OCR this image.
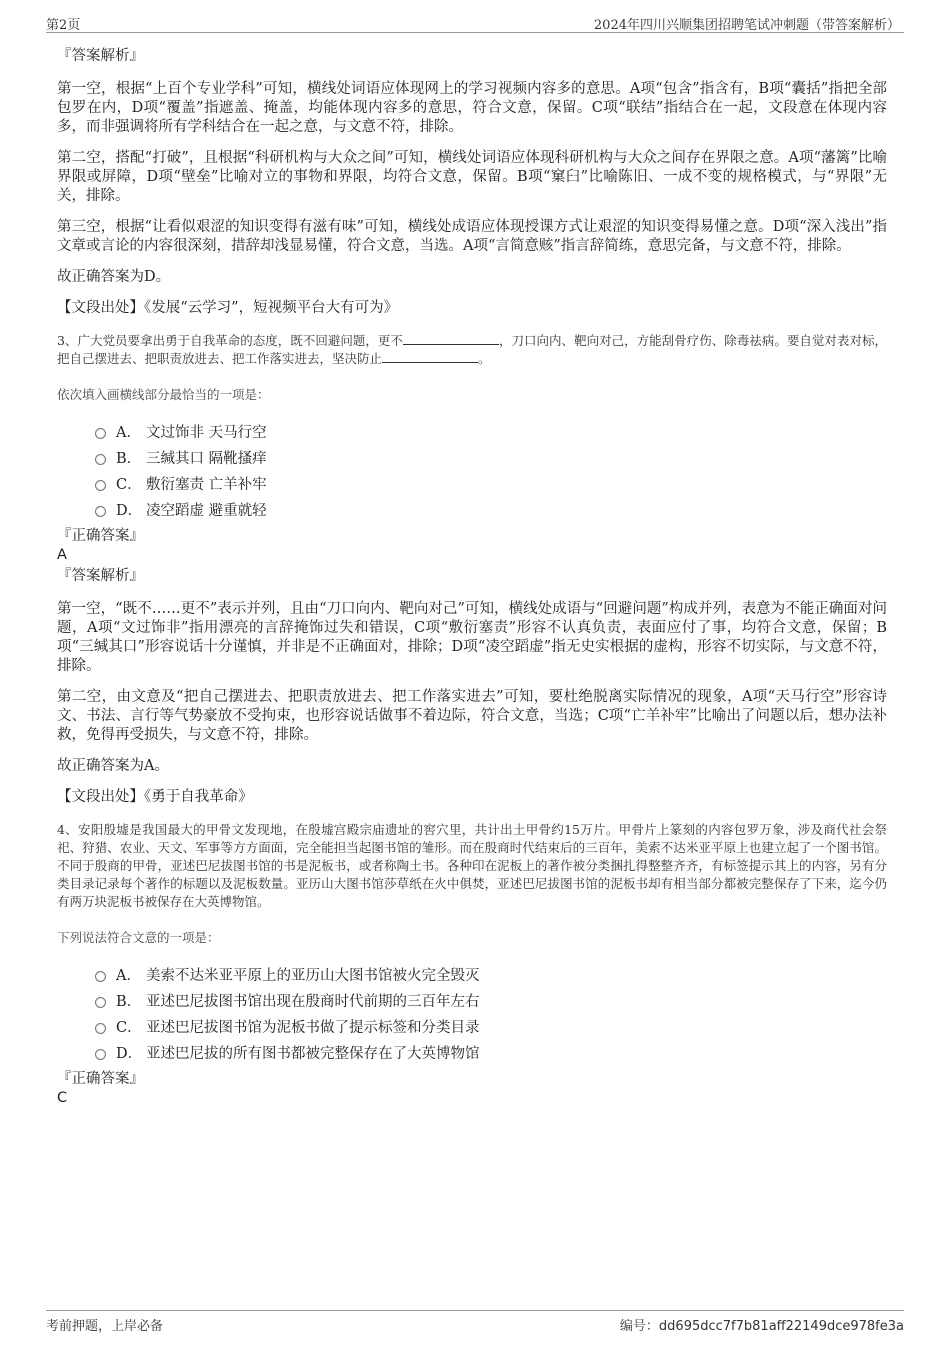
第2页	2024年四川兴顺集团招聘笔试冲刺题（带答案解析）

『答案解析』

第一空，根据“上百个专业学科”可知，横线处词语应体现网上的学习视频内容多的意思。A项“包含”指含有，B项“囊括”指把全部包罗在内，D项“覆盖”指遮盖、掩盖，均能体现内容多的意思，符合文意，保留。C项“联结”指结合在一起，文段意在体现内容多，而非强调将所有学科结合在一起之意，与文意不符，排除。

第二空，搭配“打破”，且根据“科研机构与大众之间”可知，横线处词语应体现科研机构与大众之间存在界限之意。A项“藩篱”比喻界限或屏障，D项“壁垒”比喻对立的事物和界限，均符合文意，保留。B项“窠臼”比喻陈旧、一成不变的规格模式，与“界限”无关，排除。

第三空，根据“让看似艰涩的知识变得有滋有味”可知，横线处成语应体现授课方式让艰涩的知识变得易懂之意。D项“深入浅出”指文章或言论的内容很深刻，措辞却浅显易懂，符合文意，当选。A项“言简意赅”指言辞简练，意思完备，与文意不符，排除。

故正确答案为D。

【文段出处】《发展“云学习”，短视频平台大有可为》

3、广大党员要拿出勇于自我革命的态度，既不回避问题，更不	，刀口向内、靶向对己，方能刮骨疗伤、除毒祛病。要自觉对表对标，把自己摆进去、把职责放进去、把工作落实进去，坚决防止	。

依次填入画横线部分最恰当的一项是：

A． 文过饰非 天马行空
B． 三缄其口 隔靴搔痒
C． 敷衍塞责 亡羊补牢
D． 凌空蹈虚 避重就轻

『正确答案』

A

『答案解析』

第一空，“既不……更不”表示并列，且由“刀口向内、靶向对己”可知，横线处成语与“回避问题”构成并列，表意为不能正确面对问题，A项“文过饰非”指用漂亮的言辞掩饰过失和错误，C项“敷衍塞责”形容不认真负责，表面应付了事，均符合文意，保留；B项“三缄其口”形容说话十分谨慎，并非是不正确面对，排除；D项“凌空蹈虚”指无史实根据的虚构，形容不切实际，与文意不符，排除。

第二空，由文意及“把自己摆进去、把职责放进去、把工作落实进去”可知，要杜绝脱离实际情况的现象，A项“天马行空”形容诗文、书法、言行等气势豪放不受拘束，也形容说话做事不着边际，符合文意，当选；C项“亡羊补牢”比喻出了问题以后，想办法补救，免得再受损失，与文意不符，排除。

故正确答案为A。

【文段出处】《勇于自我革命》

4、安阳殷墟是我国最大的甲骨文发现地，在殷墟宫殿宗庙遗址的窖穴里，共计出土甲骨约15万片。甲骨片上篆刻的内容包罗万象，涉及商代社会祭祀、狩猎、农业、天文、军事等方方面面，完全能担当起图书馆的雏形。而在殷商时代结束后的三百年，美索不达米亚平原上也建立起了一个图书馆。不同于殷商的甲骨，亚述巴尼拔图书馆的书是泥板书，或者称陶土书。各种印在泥板上的著作被分类捆扎得整整齐齐，有标签提示其上的内容，另有分类目录记录每个著作的标题以及泥板数量。亚历山大图书馆莎草纸在火中俱焚，亚述巴尼拔图书馆的泥板书却有相当部分都被完整保存了下来，迄今仍有两万块泥板书被保存在大英博物馆。

下列说法符合文意的一项是：

A． 美索不达米亚平原上的亚历山大图书馆被火完全毁灭
B． 亚述巴尼拔图书馆出现在殷商时代前期的三百年左右
C． 亚述巴尼拔图书馆为泥板书做了提示标签和分类目录
D． 亚述巴尼拔的所有图书都被完整保存在了大英博物馆

『正确答案』

C

考前押题，上岸必备	编号：dd695dcc7f7b81aff22149dce978fe3a
